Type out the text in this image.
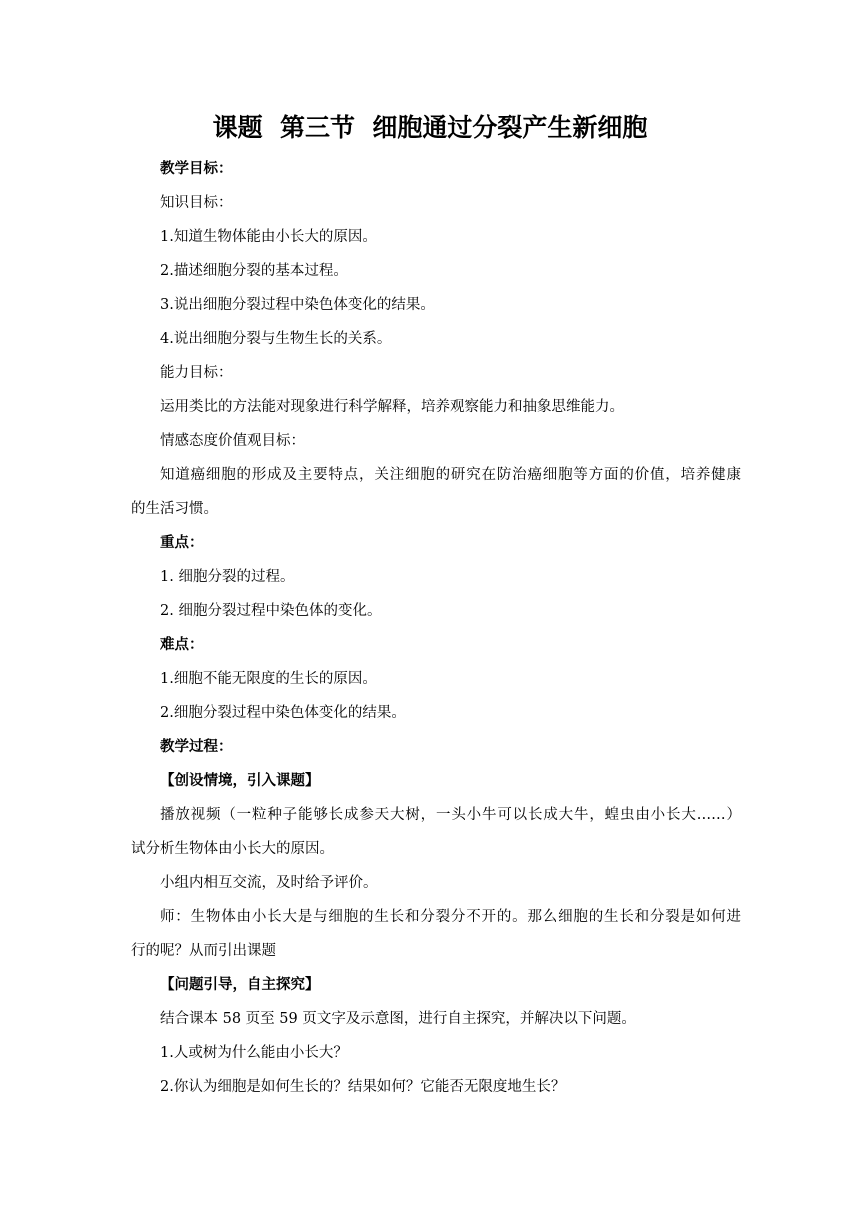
课题  第三节  细胞通过分裂产生新细胞
教学目标：
知识目标：
1.知道生物体能由小长大的原因。
2.描述细胞分裂的基本过程。
3.说出细胞分裂过程中染色体变化的结果。
4.说出细胞分裂与生物生长的关系。
能力目标：
运用类比的方法能对现象进行科学解释，培养观察能力和抽象思维能力。
情感态度价值观目标：
知道癌细胞的形成及主要特点，关注细胞的研究在防治癌细胞等方面的价值，培养健康
的生活习惯。
重点：
1. 细胞分裂的过程。
2. 细胞分裂过程中染色体的变化。
难点：
1.细胞不能无限度的生长的原因。
2.细胞分裂过程中染色体变化的结果。
教学过程：
【创设情境，引入课题】
播放视频（一粒种子能够长成参天大树，一头小牛可以长成大牛，蝗虫由小长大……）
试分析生物体由小长大的原因。
小组内相互交流，及时给予评价。
师：生物体由小长大是与细胞的生长和分裂分不开的。那么细胞的生长和分裂是如何进
行的呢？从而引出课题
【问题引导，自主探究】
结合课本 58 页至 59 页文字及示意图，进行自主探究，并解决以下问题。
1.人或树为什么能由小长大？
2.你认为细胞是如何生长的？结果如何？它能否无限度地生长？
